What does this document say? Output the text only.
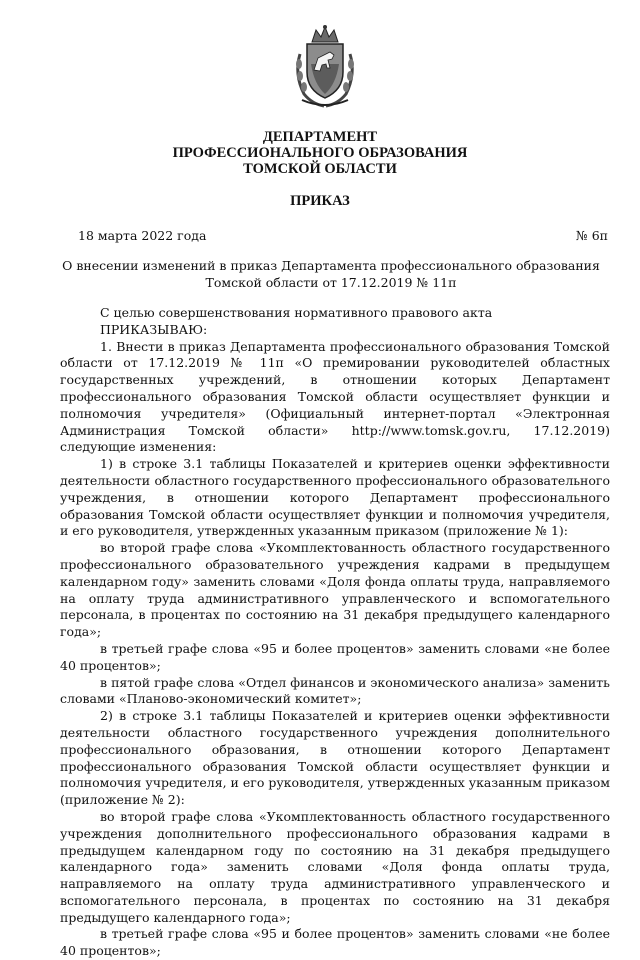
ДЕПАРТАМЕНТ
ПРОФЕССИОНАЛЬНОГО ОБРАЗОВАНИЯ
ТОМСКОЙ ОБЛАСТИ
ПРИКАЗ
18 марта 2022 года	№ 6п
О внесении изменений в приказ Департамента профессионального образования Томской области от 17.12.2019 № 11п

С целью совершенствования нормативного правового акта

ПРИКАЗЫВАЮ:

1. Внести в приказ Департамента профессионального образования Томской области от 17.12.2019 № 11п «О премировании руководителей областных государственных учреждений, в отношении которых Департамент профессионального образования Томской области осуществляет функции и полномочия учредителя» (Официальный интернет-портал «Электронная Администрация Томской области» http://www.tomsk.gov.ru, 17.12.2019) следующие изменения:

1) в строке 3.1 таблицы Показателей и критериев оценки эффективности деятельности областного государственного профессионального образовательного учреждения, в отношении которого Департамент профессионального образования Томской области осуществляет функции и полномочия учредителя, и его руководителя, утвержденных указанным приказом (приложение № 1):

во второй графе слова «Укомплектованность областного государственного профессионального образовательного учреждения кадрами в предыдущем календарном году» заменить словами «Доля фонда оплаты труда, направляемого на оплату труда административного управленческого и вспомогательного персонала, в процентах по состоянию на 31 декабря предыдущего календарного года»;

в третьей графе слова «95 и более процентов» заменить словами «не более 40 процентов»;

в пятой графе слова «Отдел финансов и экономического анализа» заменить словами «Планово-экономический комитет»;

2) в строке 3.1 таблицы Показателей и критериев оценки эффективности деятельности областного государственного учреждения дополнительного профессионального образования, в отношении которого Департамент профессионального образования Томской области осуществляет функции и полномочия учредителя, и его руководителя, утвержденных указанным приказом (приложение № 2):

во второй графе слова «Укомплектованность областного государственного учреждения дополнительного профессионального образования кадрами в предыдущем календарном году по состоянию на 31 декабря предыдущего календарного года» заменить словами «Доля фонда оплаты труда, направляемого на оплату труда административного управленческого и вспомогательного персонала, в процентах по состоянию на 31 декабря предыдущего календарного года»;

в третьей графе слова «95 и более процентов» заменить словами «не более 40 процентов»;
